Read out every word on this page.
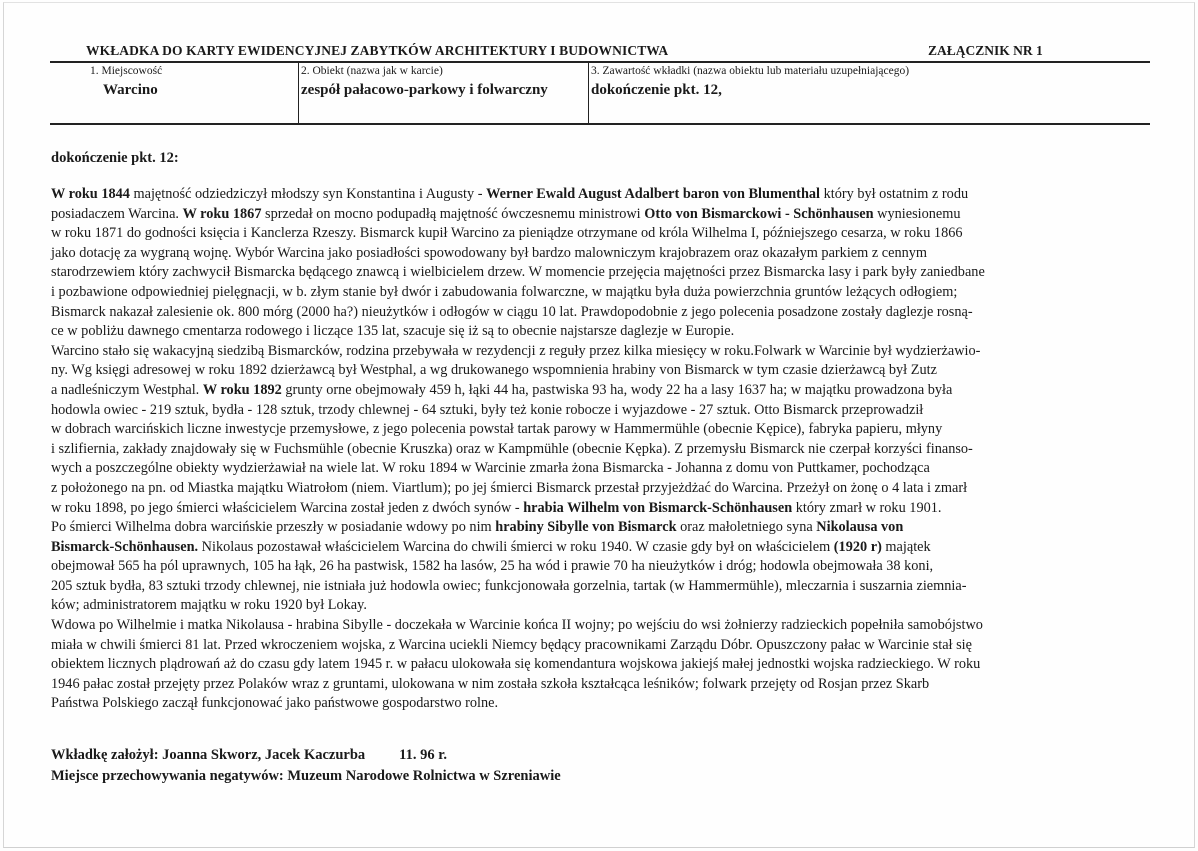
WKŁADKA DO KARTY EWIDENCYJNEJ ZABYTKÓW ARCHITEKTURY I BUDOWNICTWA	ZAŁĄCZNIK NR 1
1. Miejscowość
Warcino
2. Obiekt (nazwa jak w karcie)
zespół pałacowo-parkowy i folwarczny
3. Zawartość wkładki (nazwa obiektu lub materiału uzupełniającego)
dokończenie pkt. 12,
dokończenie pkt. 12:
W roku 1844 majętność odziedziczył młodszy syn Konstantina i Augusty - Werner Ewald August Adalbert baron von Blumenthal który był ostatnim z rodu
posiadaczem Warcina. W roku 1867 sprzedał on mocno podupadłą majętność ówczesnemu ministrowi Otto von Bismarckowi - Schönhausen wyniesionemu
w roku 1871 do godności księcia i Kanclerza Rzeszy. Bismarck kupił Warcino za pieniądze otrzymane od króla Wilhelma I, późniejszego cesarza, w roku 1866
jako dotację za wygraną wojnę. Wybór Warcina jako posiadłości spowodowany był bardzo malowniczym krajobrazem oraz okazałym parkiem z cennym
starodrzewiem który zachwycił Bismarcka będącego znawcą i wielbicielem drzew. W momencie przejęcia majętności przez Bismarcka lasy i park były zaniedbane
i pozbawione odpowiedniej pielęgnacji, w b. złym stanie był dwór i zabudowania folwarczne, w majątku była duża powierzchnia gruntów leżących odłogiem;
Bismarck nakazał zalesienie ok. 800 mórg (2000 ha?) nieużytków i odłogów w ciągu 10 lat. Prawdopodobnie z jego polecenia posadzone zostały daglezje rosną-
ce w pobliżu dawnego cmentarza rodowego i liczące 135 lat, szacuje się iż są to obecnie najstarsze daglezje w Europie.
Warcino stało się wakacyjną siedzibą Bismarcków, rodzina przebywała w rezydencji z reguły przez kilka miesięcy w roku.Folwark w Warcinie był wydzierżawio-
ny. Wg księgi adresowej w roku 1892 dzierżawcą był Westphal, a wg drukowanego wspomnienia hrabiny von Bismarck w tym czasie dzierżawcą był Zutz
a nadleśniczym Westphal. W roku 1892 grunty orne obejmowały 459 h, łąki 44 ha, pastwiska 93 ha, wody 22 ha a lasy 1637 ha; w majątku prowadzona była
hodowla owiec - 219 sztuk, bydła - 128 sztuk, trzody chlewnej - 64 sztuki, były też konie robocze i wyjazdowe - 27 sztuk. Otto Bismarck przeprowadził
w dobrach warcińskich liczne inwestycje przemysłowe, z jego polecenia powstał tartak parowy w Hammermühle (obecnie Kępice), fabryka papieru, młyny
i szlifiernia, zakłady znajdowały się w Fuchsmühle (obecnie Kruszka) oraz w Kampmühle (obecnie Kępka). Z przemysłu Bismarck nie czerpał korzyści finanso-
wych a poszczególne obiekty wydzierżawiał na wiele lat. W roku 1894 w Warcinie zmarła żona Bismarcka - Johanna z domu von Puttkamer, pochodząca
z położonego na pn. od Miastka majątku Wiatrołom (niem. Viartlum); po jej śmierci Bismarck przestał przyjeżdżać do Warcina. Przeżył on żonę o 4 lata i zmarł
w roku 1898, po jego śmierci właścicielem Warcina został jeden z dwóch synów - hrabia Wilhelm von Bismarck-Schönhausen który zmarł w roku 1901.
Po śmierci Wilhelma dobra warcińskie przeszły w posiadanie wdowy po nim hrabiny Sibylle von Bismarck oraz małoletniego syna Nikolausa von
Bismarck-Schönhausen. Nikolaus pozostawał właścicielem Warcina do chwili śmierci w roku 1940. W czasie gdy był on właścicielem (1920 r) majątek
obejmował 565 ha pól uprawnych, 105 ha łąk, 26 ha pastwisk, 1582 ha lasów, 25 ha wód i prawie 70 ha nieużytków i dróg; hodowla obejmowała 38 koni,
205 sztuk bydła, 83 sztuki trzody chlewnej, nie istniała już hodowla owiec; funkcjonowała gorzelnia, tartak (w Hammermühle), mleczarnia i suszarnia ziemnia-
ków; administratorem majątku w roku 1920 był Lokay.
Wdowa po Wilhelmie i matka Nikolausa - hrabina Sibylle - doczekała w Warcinie końca II wojny; po wejściu do wsi żołnierzy radzieckich popełniła samobójstwo
miała w chwili śmierci 81 lat. Przed wkroczeniem wojska, z Warcina uciekli Niemcy będący pracownikami Zarządu Dóbr. Opuszczony pałac w Warcinie stał się
obiektem licznych plądrowań aż do czasu gdy latem 1945 r. w pałacu ulokowała się komendantura wojskowa jakiejś małej jednostki wojska radzieckiego. W roku
1946 pałac został przejęty przez Polaków wraz z gruntami, ulokowana w nim została szkoła kształcąca leśników; folwark przejęty od Rosjan przez Skarb
Państwa Polskiego zaczął funkcjonować jako państwowe gospodarstwo rolne.
Wkładkę założył: Joanna Skworz, Jacek Kaczurba 11. 96 r.
Miejsce przechowywania negatywów: Muzeum Narodowe Rolnictwa w Szreniawie
